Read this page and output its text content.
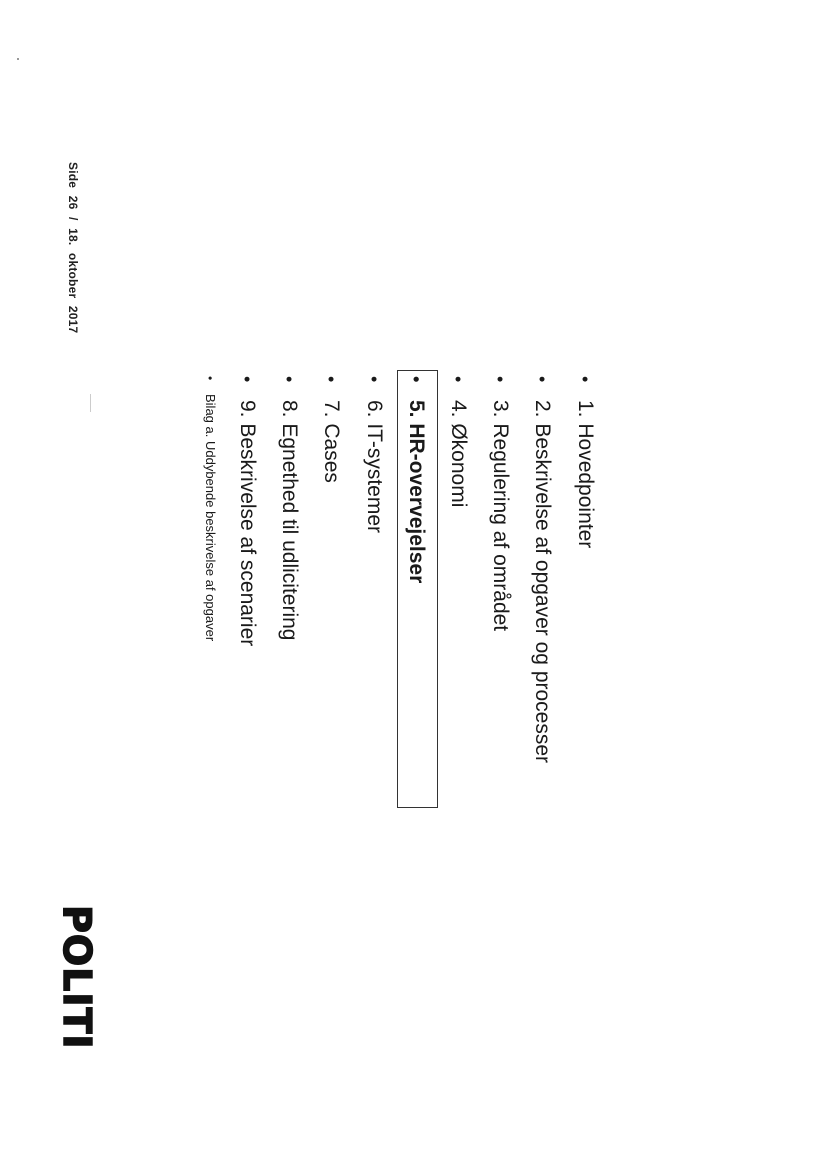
Side 26 / 18. oktober 2017
•1. Hovedpointer
•2. Beskrivelse af opgaver og processer
•3. Regulering af området
•4. Økonomi
•5. HR-overvejelser
•6. IT-systemer
•7. Cases
•8. Egnethed til udlicitering
•9. Beskrivelse af scenarier
•Bilag a. Uddybende beskrivelse af opgaver
POLITI
